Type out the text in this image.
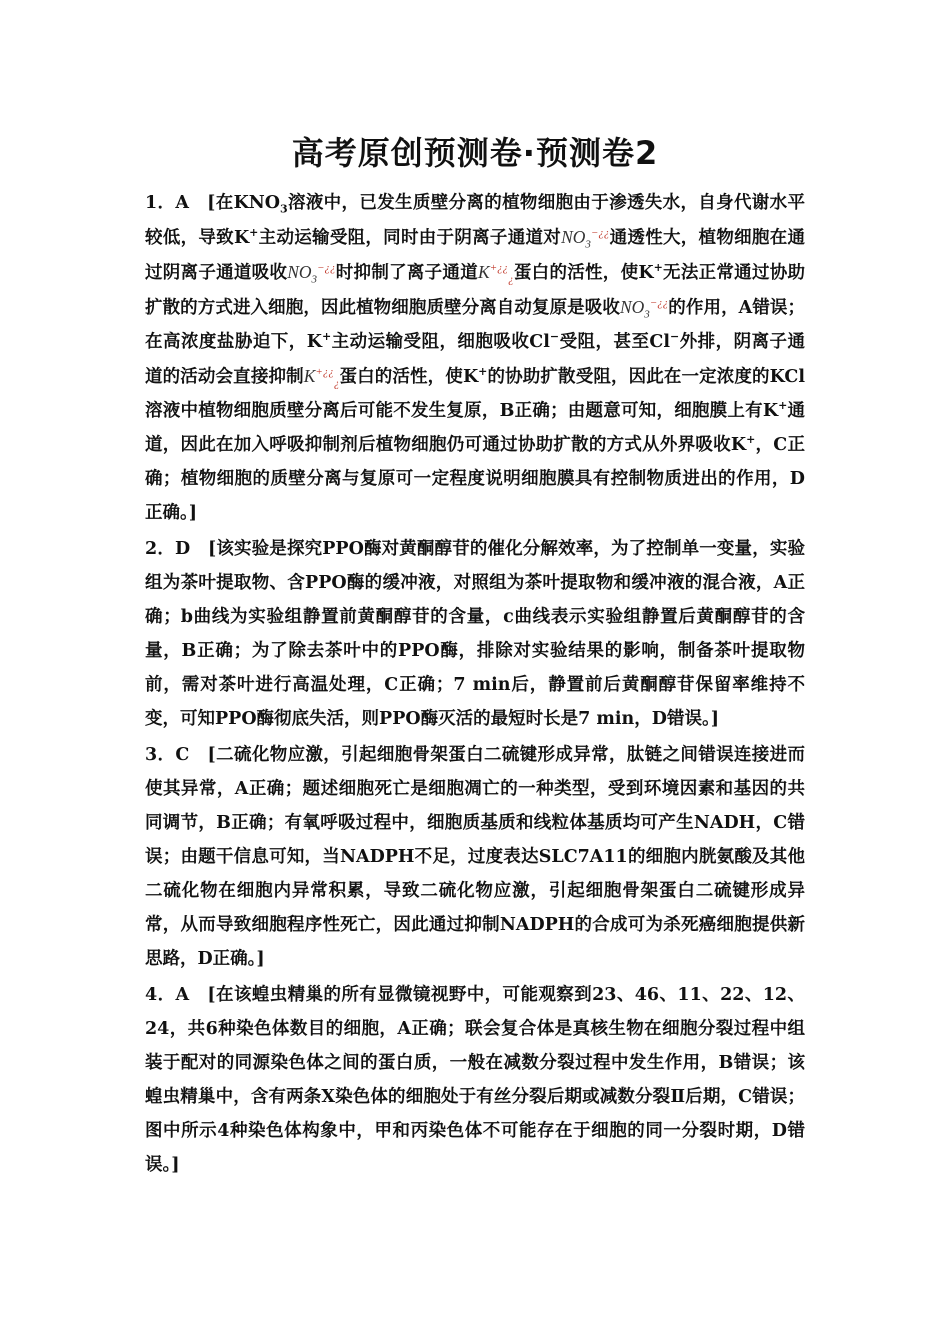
高考原创预测卷·预测卷2

1．A　[在$KNO_3$溶液中，已发生质壁分离的植物细胞由于渗透失水，自身代谢水平较低，导致K+主动运输受阻，同时由于阴离子通道对$NO_3^{-¿¿}$通透性大，植物细胞在通过阴离子通道吸收$NO_3^{-¿¿}$时抑制了离子通道$K^{+¿¿}_¿$蛋白的活性，使K+无法正常通过协助扩散的方式进入细胞，因此植物细胞质壁分离自动复原是吸收$NO_3^{-¿¿}$的作用，A错误；在高浓度盐胁迫下，K+主动运输受阻，细胞吸收Cl−受阻，甚至Cl−外排，阴离子通道的活动会直接抑制$K^{+¿¿}_¿$蛋白的活性，使K+的协助扩散受阻，因此在一定浓度的KCl溶液中植物细胞质壁分离后可能不发生复原，B正确；由题意可知，细胞膜上有K+通道，因此在加入呼吸抑制剂后植物细胞仍可通过协助扩散的方式从外界吸收K+，C正确；植物细胞的质壁分离与复原可一定程度说明细胞膜具有控制物质进出的作用，D正确。]

2．D　[该实验是探究PPO酶对黄酮醇苷的催化分解效率，为了控制单一变量，实验组为茶叶提取物、含PPO酶的缓冲液，对照组为茶叶提取物和缓冲液的混合液，A正确；b曲线为实验组静置前黄酮醇苷的含量，c曲线表示实验组静置后黄酮醇苷的含量，B正确；为了除去茶叶中的PPO酶，排除对实验结果的影响，制备茶叶提取物前，需对茶叶进行高温处理，C正确；7 min后，静置前后黄酮醇苷保留率维持不变，可知PPO酶彻底失活，则PPO酶灭活的最短时长是7 min，D错误。]

3．C　[二硫化物应激，引起细胞骨架蛋白二硫键形成异常，肽链之间错误连接进而使其异常，A正确；题述细胞死亡是细胞凋亡的一种类型，受到环境因素和基因的共同调节，B正确；有氧呼吸过程中，细胞质基质和线粒体基质均可产生NADH，C错误；由题干信息可知，当NADPH不足，过度表达SLC7A11的细胞内胱氨酸及其他二硫化物在细胞内异常积累，导致二硫化物应激，引起细胞骨架蛋白二硫键形成异常，从而导致细胞程序性死亡，因此通过抑制NADPH的合成可为杀死癌细胞提供新思路，D正确。]

4．A　[在该蝗虫精巢的所有显微镜视野中，可能观察到23、46、11、22、12、24，共6种染色体数目的细胞，A正确；联会复合体是真核生物在细胞分裂过程中组装于配对的同源染色体之间的蛋白质，一般在减数分裂过程中发生作用，B错误；该蝗虫精巢中，含有两条X染色体的细胞处于有丝分裂后期或减数分裂Ⅱ后期，C错误；图中所示4种染色体构象中，甲和丙染色体不可能存在于细胞的同一分裂时期，D错误。]
